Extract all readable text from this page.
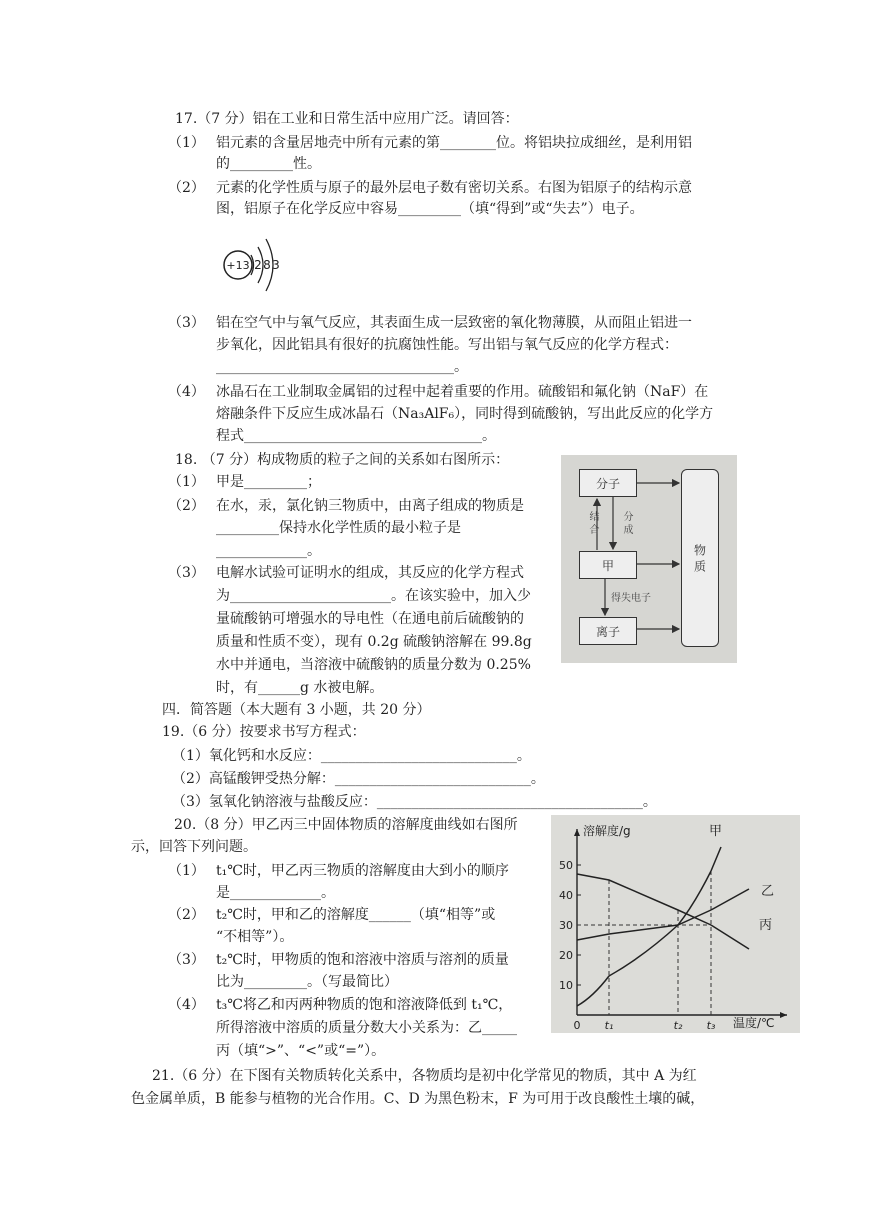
17.（7 分）铝在工业和日常生活中应用广泛。请回答：
（1） 铝元素的含量居地壳中所有元素的第________位。将铝块拉成细丝，是利用铝
的_________性。
（2） 元素的化学性质与原子的最外层电子数有密切关系。右图为铝原子的结构示意
图，铝原子在化学反应中容易_________（填“得到”或“失去”）电子。
+13 2 8 3
（3） 铝在空气中与氧气反应，其表面生成一层致密的氧化物薄膜，从而阻止铝进一
步氧化，因此铝具有很好的抗腐蚀性能。写出铝与氧气反应的化学方程式：
__________________________________。
（4） 冰晶石在工业制取金属铝的过程中起着重要的作用。硫酸铝和氟化钠（NaF）在
熔融条件下反应生成冰晶石（Na₃AlF₆），同时得到硫酸钠，写出此反应的化学方
程式__________________________________。
18. （7 分）构成物质的粒子之间的关系如右图所示：
（1） 甲是_________；
（2） 在水，汞，氯化钠三物质中，由离子组成的物质是
_________保持水化学性质的最小粒子是
_____________。
（3） 电解水试验可证明水的组成，其反应的化学方程式
为_______________________。在该实验中，加入少
量硫酸钠可增强水的导电性（在通电前后硫酸钠的
质量和性质不变），现有 0.2g 硫酸钠溶解在 99.8g
水中并通电，当溶液中硫酸钠的质量分数为 0.25%
时，有______g 水被电解。
分子
甲
离子
物 质
结 合 分 成
得失电子
四．简答题（本大题有 3 小题，共 20 分）
19.（6 分）按要求书写方程式：
（1）氧化钙和水反应：____________________________。
（2）高锰酸钾受热分解：____________________________。
（3）氢氧化钠溶液与盐酸反应：______________________________________。
20.（8 分）甲乙丙三中固体物质的溶解度曲线如右图所
示，回答下列问题。
（1） t₁℃时，甲乙丙三物质的溶解度由大到小的顺序
是_____________。
（2） t₂℃时，甲和乙的溶解度______（填“相等”或
“不相等”）。
（3） t₂℃时，甲物质的饱和溶液中溶质与溶剂的质量
比为_________。（写最简比）
（4） t₃℃将乙和丙两种物质的饱和溶液降低到 t₁℃，
所得溶液中溶质的质量分数大小关系为：乙_____
丙（填“>”、“<”或“=”）。
溶解度/g
温度/℃
10
20
30
40
50
0 t₁	t₂ t₃
甲
乙
丙
21.（6 分）在下图有关物质转化关系中，各物质均是初中化学常见的物质，其中 A 为红
色金属单质，B 能参与植物的光合作用。C、D 为黑色粉末，F 为可用于改良酸性土壤的碱，
